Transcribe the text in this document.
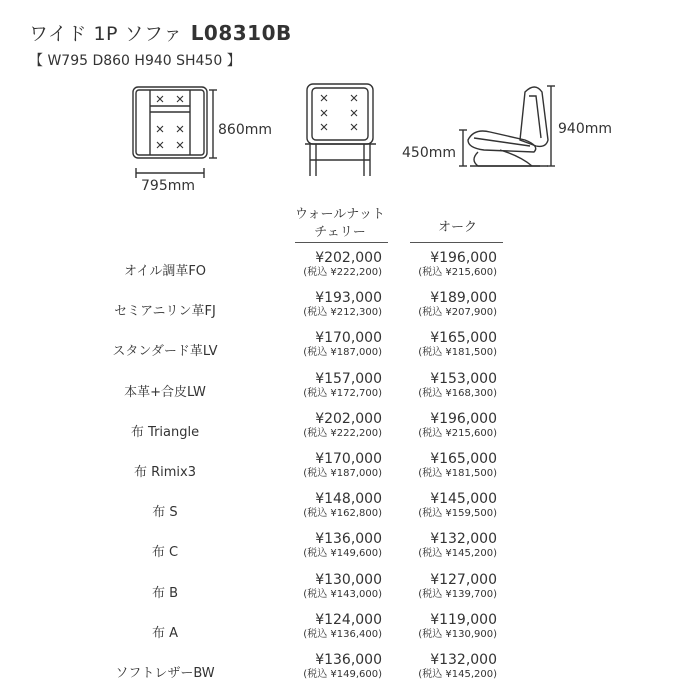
ワイド 1P ソファ L08310B
【 W795 D860 H940 SH450 】
860mm
795mm
450mm
940mm
ウォールナット
チェリー	オーク
オイル調革FO
¥202,000
(税込 ¥222,200)
¥196,000
(税込 ¥215,600)
セミアニリン革FJ
¥193,000
(税込 ¥212,300)
¥189,000
(税込 ¥207,900)
スタンダード革LV
¥170,000
(税込 ¥187,000)
¥165,000
(税込 ¥181,500)
本革+合皮LW
¥157,000
(税込 ¥172,700)
¥153,000
(税込 ¥168,300)
布 Triangle
¥202,000
(税込 ¥222,200)
¥196,000
(税込 ¥215,600)
布 Rimix3
¥170,000
(税込 ¥187,000)
¥165,000
(税込 ¥181,500)
布 S
¥148,000
(税込 ¥162,800)
¥145,000
(税込 ¥159,500)
布 C
¥136,000
(税込 ¥149,600)
¥132,000
(税込 ¥145,200)
布 B
¥130,000
(税込 ¥143,000)
¥127,000
(税込 ¥139,700)
布 A
¥124,000
(税込 ¥136,400)
¥119,000
(税込 ¥130,900)
ソフトレザーBW
¥136,000
(税込 ¥149,600)
¥132,000
(税込 ¥145,200)
